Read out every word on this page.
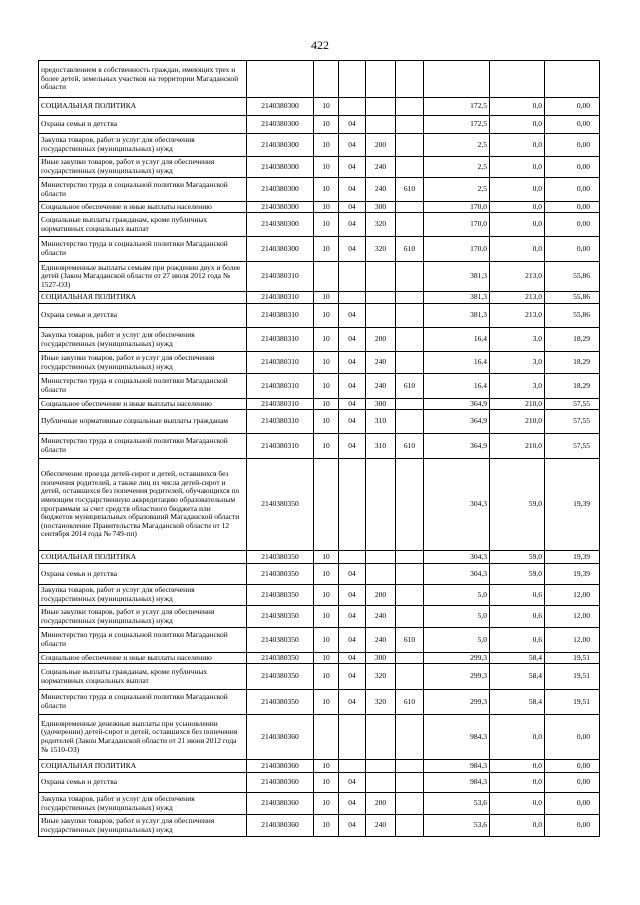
422
предоставлением в собственность граждан, имеющих трех и более детей, земельных участков на территории Магаданской области								
СОЦИАЛЬНАЯ ПОЛИТИКА	2140380300	10				172,5	0,0	0,00
Охрана семьи и детства	2140380300	10	04			172,5	0,0	0,00
Закупка товаров, работ и услуг для обеспечения государственных (муниципальных) нужд	2140380300	10	04	200		2,5	0,0	0,00
Иные закупки товаров, работ и услуг для обеспечения государственных (муниципальных) нужд	2140380300	10	04	240		2,5	0,0	0,00
Министерство труда и социальной политики Магаданской области	2140380300	10	04	240	610	2,5	0,0	0,00
Социальное обеспечение и иные выплаты населению	2140380300	10	04	300		170,0	0,0	0,00
Социальные выплаты гражданам, кроме публичных нормативных социальных выплат	2140380300	10	04	320		170,0	0,0	0,00
Министерство труда и социальной политики Магаданской области	2140380300	10	04	320	610	170,0	0,0	0,00
Единовременные выплаты семьям при рождении двух и более детей (Закон Магаданской области от 27 июля 2012 года № 1527-ОЗ)	2140380310					381,3	213,0	55,86
СОЦИАЛЬНАЯ ПОЛИТИКА	2140380310	10				381,3	213,0	55,86
Охрана семьи и детства	2140380310	10	04			381,3	213,0	55,86
Закупка товаров, работ и услуг для обеспечения государственных (муниципальных) нужд	2140380310	10	04	200		16,4	3,0	18,29
Иные закупки товаров, работ и услуг для обеспечения государственных (муниципальных) нужд	2140380310	10	04	240		16,4	3,0	18,29
Министерство труда и социальной политики Магаданской области	2140380310	10	04	240	610	16,4	3,0	18,29
Социальное обеспечение и иные выплаты населению	2140380310	10	04	300		364,9	210,0	57,55
Публичные нормативные социальные выплаты гражданам	2140380310	10	04	310		364,9	210,0	57,55
Министерство труда и социальной политики Магаданской области	2140380310	10	04	310	610	364,9	210,0	57,55
Обеспечение проезда детей-сирот и детей, оставшихся без попечения родителей, а также лиц из числа детей-сирот и детей, оставшихся без попечения родителей, обучающихся по имеющим государственную аккредитацию образовательным программам за счет средств областного бюджета или бюджетов муниципальных образований Магаданской области (постановление Правительства Магаданской области от 12 сентября 2014 года № 749-пп)	2140380350					304,3	59,0	19,39
СОЦИАЛЬНАЯ ПОЛИТИКА	2140380350	10				304,3	59,0	19,39
Охрана семьи и детства	2140380350	10	04			304,3	59,0	19,39
Закупка товаров, работ и услуг для обеспечения государственных (муниципальных) нужд	2140380350	10	04	200		5,0	0,6	12,00
Иные закупки товаров, работ и услуг для обеспечения государственных (муниципальных) нужд	2140380350	10	04	240		5,0	0,6	12,00
Министерство труда и социальной политики Магаданской области	2140380350	10	04	240	610	5,0	0,6	12,00
Социальное обеспечение и иные выплаты населению	2140380350	10	04	300		299,3	58,4	19,51
Социальные выплаты гражданам, кроме публичных нормативных социальных выплат	2140380350	10	04	320		299,3	58,4	19,51
Министерство труда и социальной политики Магаданской области	2140380350	10	04	320	610	299,3	58,4	19,51
Единовременные денежные выплаты при усыновлении (удочерении) детей-сирот и детей, оставшихся без попечения родителей (Закон Магаданской области от 21 июня 2012 года № 1510-ОЗ)	2140380360					984,3	0,0	0,00
СОЦИАЛЬНАЯ ПОЛИТИКА	2140380360	10				984,3	0,0	0,00
Охрана семьи и детства	2140380360	10	04			984,3	0,0	0,00
Закупка товаров, работ и услуг для обеспечения государственных (муниципальных) нужд	2140380360	10	04	200		53,6	0,0	0,00
Иные закупки товаров, работ и услуг для обеспечения государственных (муниципальных) нужд	2140380360	10	04	240		53,6	0,0	0,00
